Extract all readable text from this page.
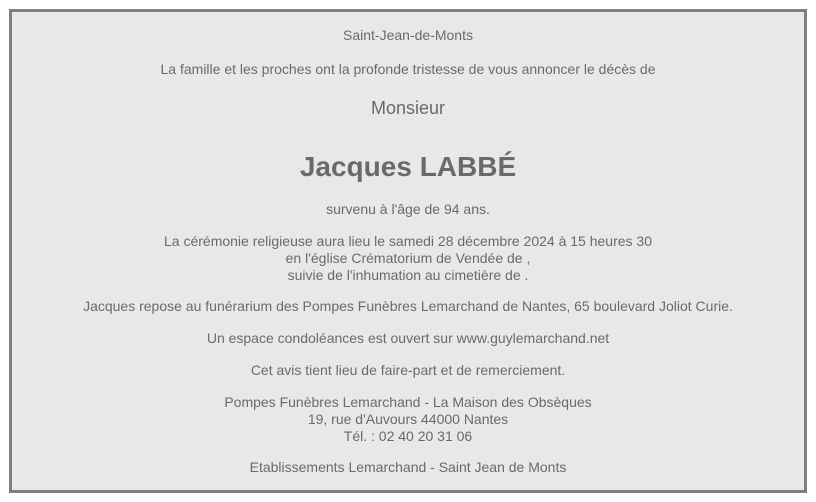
Saint-Jean-de-Monts
La famille et les proches ont la profonde tristesse de vous annoncer le décès de
Monsieur
Jacques LABBÉ
survenu à l'âge de 94 ans.
La cérémonie religieuse aura lieu le samedi 28 décembre 2024 à 15 heures 30
en l'église Crématorium de Vendée de ,
suivie de l'inhumation au cimetière de .
Jacques repose au funérarium des Pompes Funèbres Lemarchand de Nantes, 65 boulevard Joliot Curie.
Un espace condoléances est ouvert sur www.guylemarchand.net
Cet avis tient lieu de faire-part et de remerciement.
Pompes Funèbres Lemarchand - La Maison des Obsèques
19, rue d'Auvours 44000 Nantes
Tél. : 02 40 20 31 06
Etablissements Lemarchand - Saint Jean de Monts
